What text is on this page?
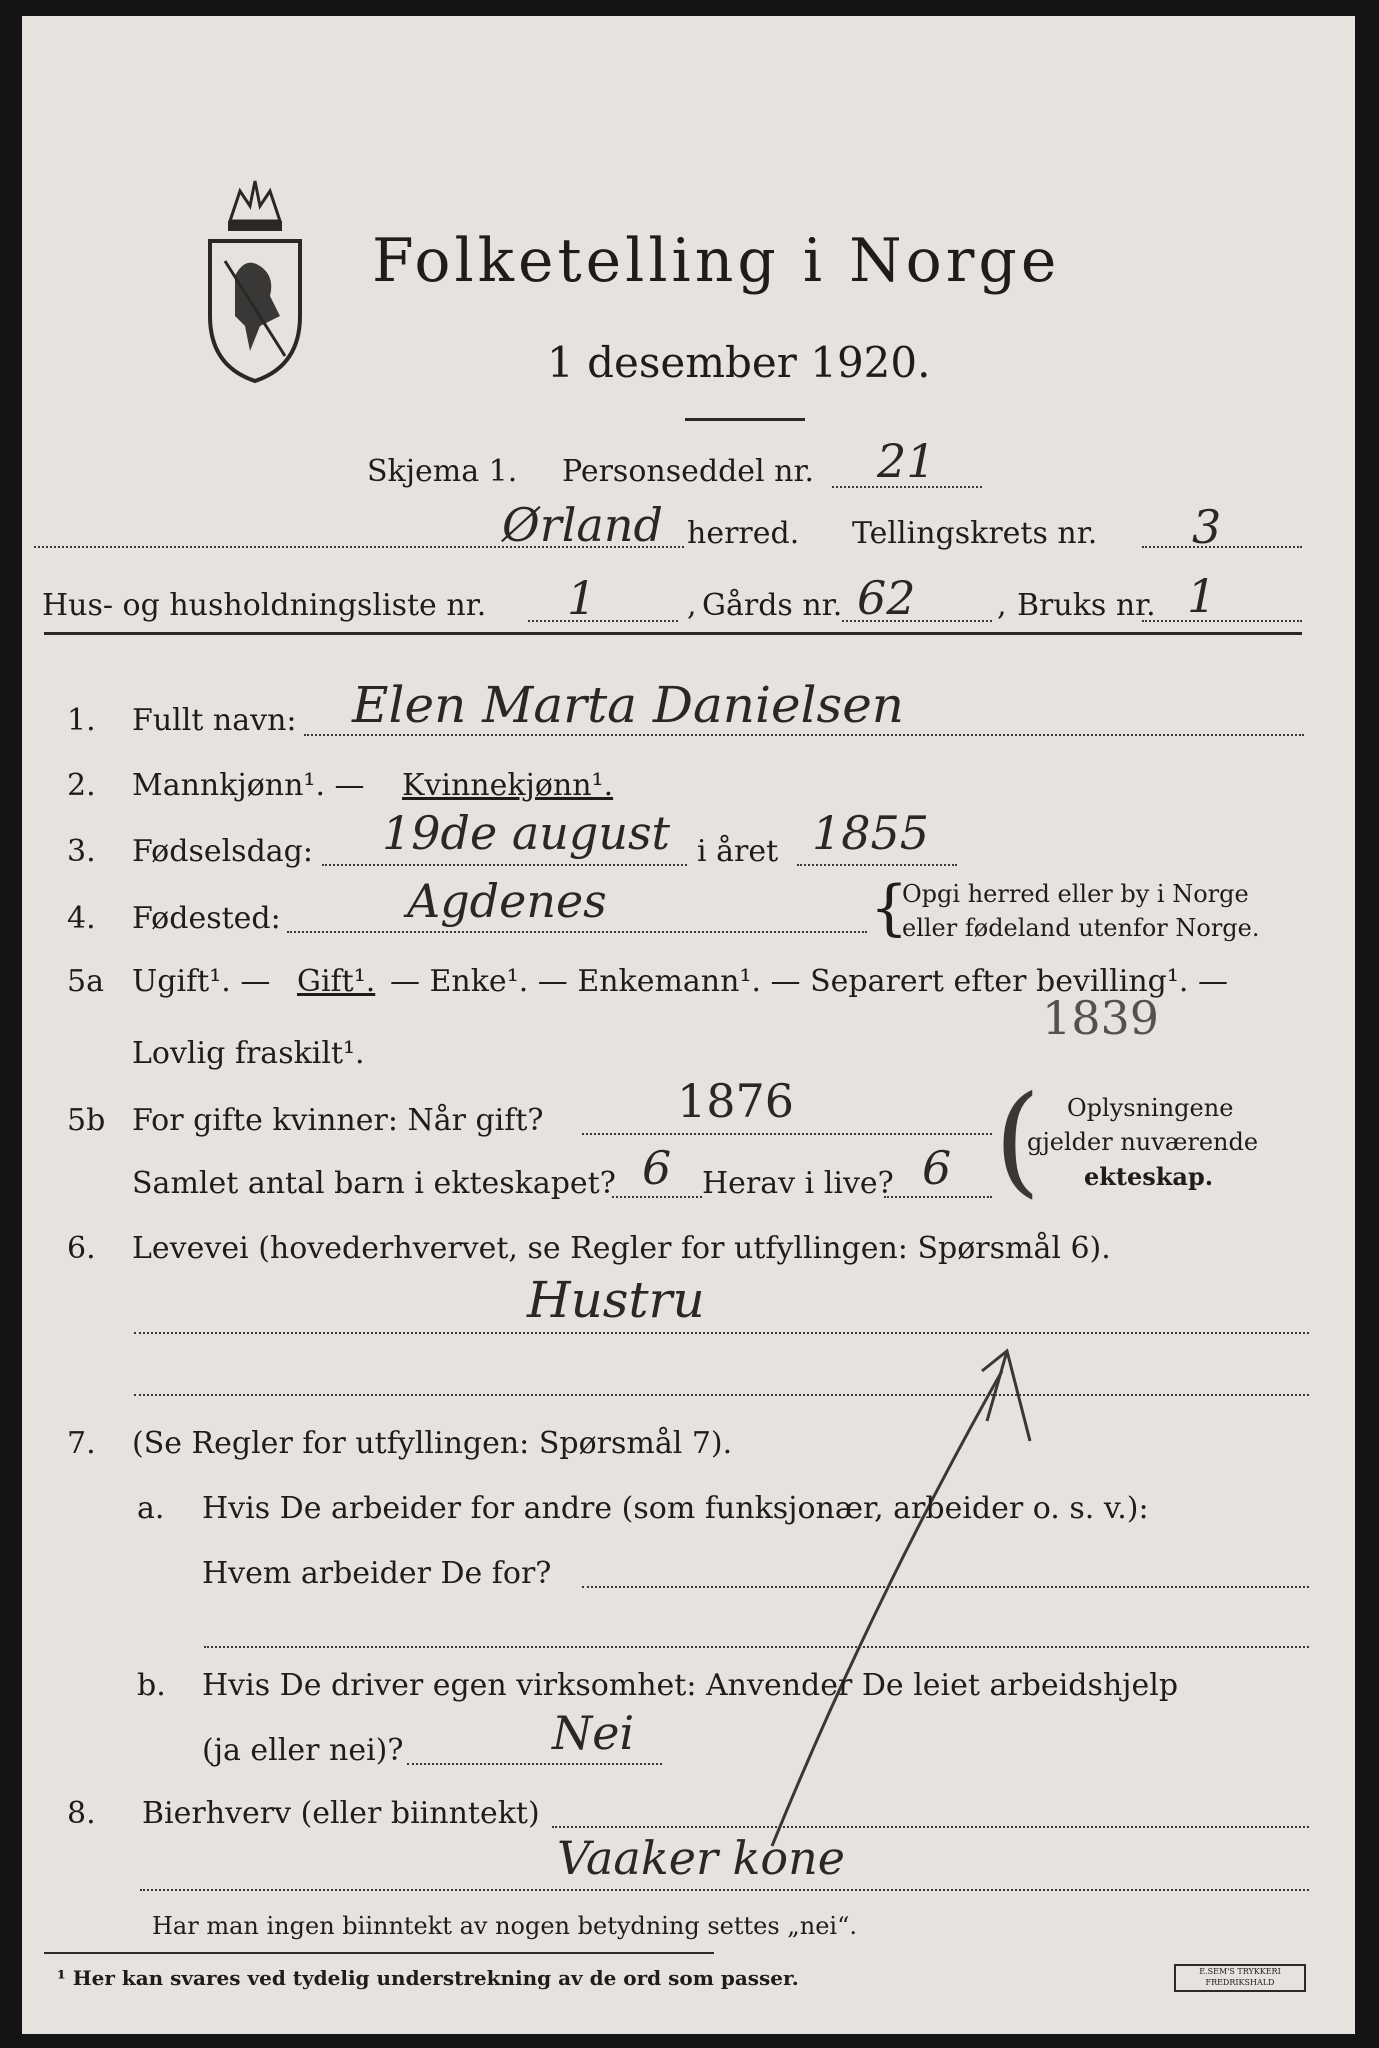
Folketelling i Norge
1 desember 1920.
Skjema 1. Personseddel nr. 21
Ørland herred. Tellingskrets nr. 3
Hus- og husholdningsliste nr. 1	, Gårds nr. 62	, Bruks nr. 1
1. Fullt navn: Elen Marta Danielsen
2. Mannkjønn¹. — Kvinnekjønn¹.
3. Fødselsdag: 19de august i året 1855
4. Fødested:	Agdenes	{
Opgi herred eller by i Norge
eller fødeland utenfor Norge.
5a Ugift¹. — Gift¹. — Enke¹. — Enkemann¹. — Separert efter bevilling¹. —
Lovlig fraskilt¹.
1839
5b For gifte kvinner: Når gift?	1876
Samlet antal barn i ekteskapet? 6 Herav i live? 6 ( Oplysningene
gjelder nuværende
ekteskap.
6. Levevei (hovederhvervet, se Regler for utfyllingen: Spørsmål 6).
Hustru
7. (Se Regler for utfyllingen: Spørsmål 7).
a. Hvis De arbeider for andre (som funksjonær, arbeider o. s. v.):
Hvem arbeider De for?
b. Hvis De driver egen virksomhet: Anvender De leiet arbeidshjelp
(ja eller nei)?	Nei
8. Bierhverv (eller biinntekt)
Vaaker kone
Har man ingen biinntekt av nogen betydning settes „nei“.
¹ Her kan svares ved tydelig understrekning av de ord som passer.	E.SEM'S TRYKKERI FREDRIKSHALD
